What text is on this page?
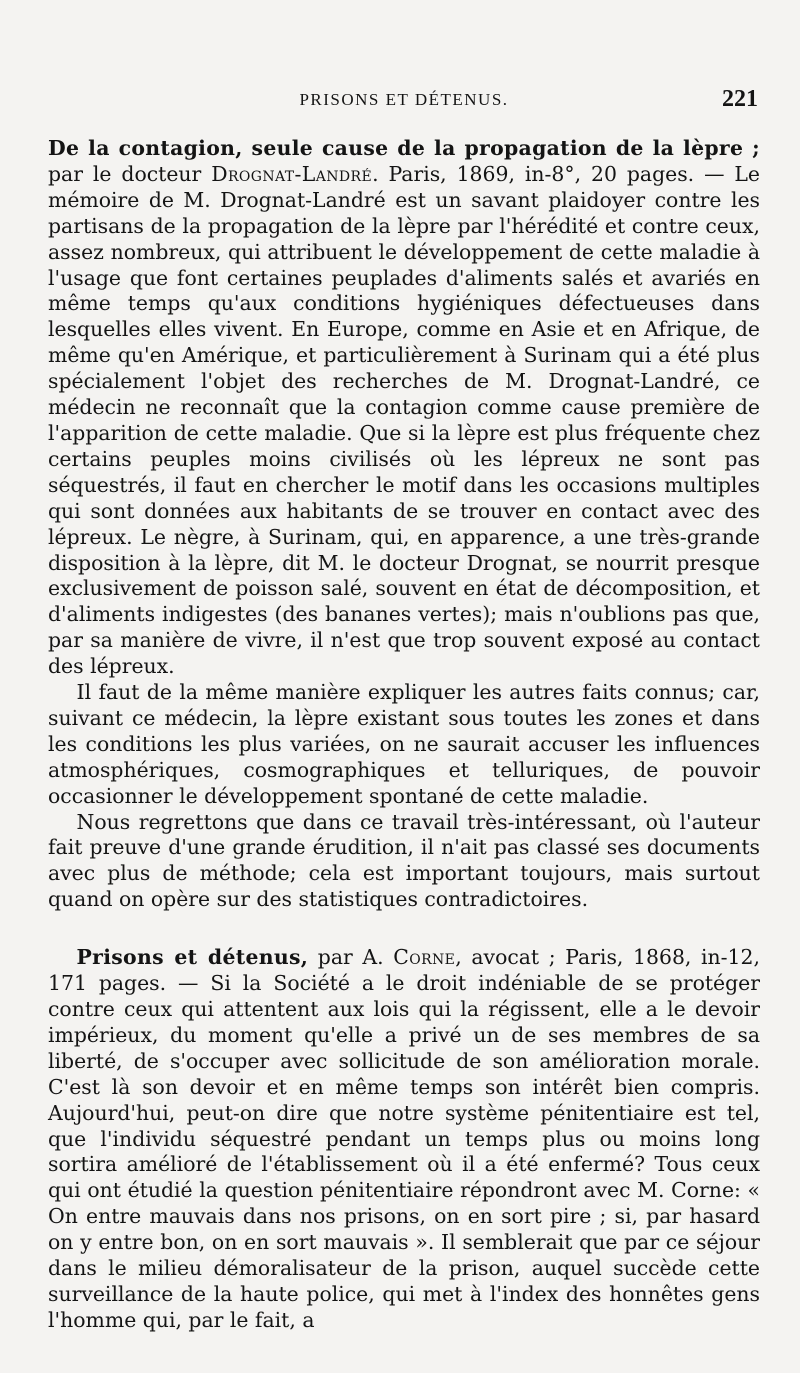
PRISONS ET DÉTENUS.	221

De la contagion, seule cause de la propagation de la lèpre ; par le docteur Drognat-Landré. Paris, 1869, in-8°, 20 pages. — Le mémoire de M. Drognat-Landré est un savant plaidoyer contre les partisans de la propagation de la lèpre par l'hérédité et contre ceux, assez nombreux, qui attribuent le développement de cette maladie à l'usage que font certaines peuplades d'aliments salés et avariés en même temps qu'aux conditions hygiéniques défectueuses dans lesquelles elles vivent. En Europe, comme en Asie et en Afrique, de même qu'en Amérique, et particulièrement à Surinam qui a été plus spécialement l'objet des recherches de M. Drognat-Landré, ce médecin ne reconnaît que la contagion comme cause première de l'apparition de cette maladie. Que si la lèpre est plus fréquente chez certains peuples moins civilisés où les lépreux ne sont pas séquestrés, il faut en chercher le motif dans les occasions multiples qui sont données aux habitants de se trouver en contact avec des lépreux. Le nègre, à Surinam, qui, en apparence, a une très-grande disposition à la lèpre, dit M. le docteur Drognat, se nourrit presque exclusivement de poisson salé, souvent en état de décomposition, et d'aliments indigestes (des bananes vertes); mais n'oublions pas que, par sa manière de vivre, il n'est que trop souvent exposé au contact des lépreux.

Il faut de la même manière expliquer les autres faits connus; car, suivant ce médecin, la lèpre existant sous toutes les zones et dans les conditions les plus variées, on ne saurait accuser les influences atmosphériques, cosmographiques et telluriques, de pouvoir occasionner le développement spontané de cette maladie.

Nous regrettons que dans ce travail très-intéressant, où l'auteur fait preuve d'une grande érudition, il n'ait pas classé ses documents avec plus de méthode; cela est important toujours, mais surtout quand on opère sur des statistiques contradictoires.

Prisons et détenus, par A. Corne, avocat ; Paris, 1868, in-12, 171 pages. — Si la Société a le droit indéniable de se protéger contre ceux qui attentent aux lois qui la régissent, elle a le devoir impérieux, du moment qu'elle a privé un de ses membres de sa liberté, de s'occuper avec sollicitude de son amélioration morale. C'est là son devoir et en même temps son intérêt bien compris. Aujourd'hui, peut-on dire que notre système pénitentiaire est tel, que l'individu séquestré pendant un temps plus ou moins long sortira amélioré de l'établissement où il a été enfermé? Tous ceux qui ont étudié la question pénitentiaire répondront avec M. Corne: « On entre mauvais dans nos prisons, on en sort pire ; si, par hasard on y entre bon, on en sort mauvais ». Il semblerait que par ce séjour dans le milieu démoralisateur de la prison, auquel succède cette surveillance de la haute police, qui met à l'index des honnêtes gens l'homme qui, par le fait, a
